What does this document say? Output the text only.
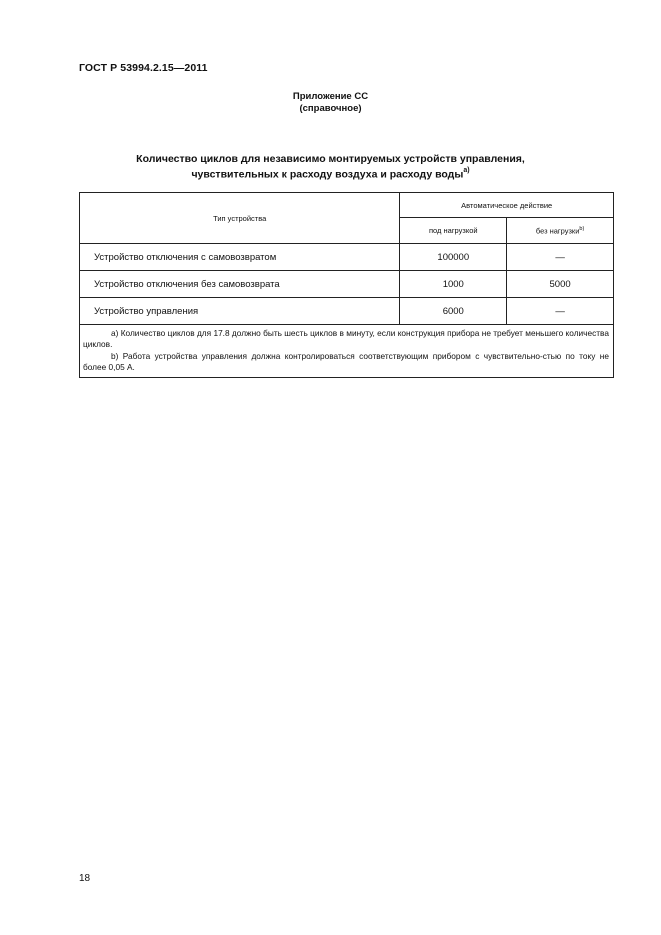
ГОСТ Р 53994.2.15—2011
Приложение СС
(справочное)
Количество циклов для независимо монтируемых устройств управления,
чувствительных к расходу воздуха и расходу воды$^{a)}$
Тип устройства	Автоматическое действие	
	под нагрузкой	без нагрузки$^{b)}$
Устройство отключения с самовозвратом	100000	—
Устройство отключения без самовозврата	1000	5000
Устройство управления	6000	—

a) Количество циклов для 17.8 должно быть шесть циклов в минуту, если конструкция прибора не требует меньшего количества циклов.

b) Работа устройства управления должна контролироваться соответствующим прибором с чувствительно-стью по току не более 0,05 А.		

18
